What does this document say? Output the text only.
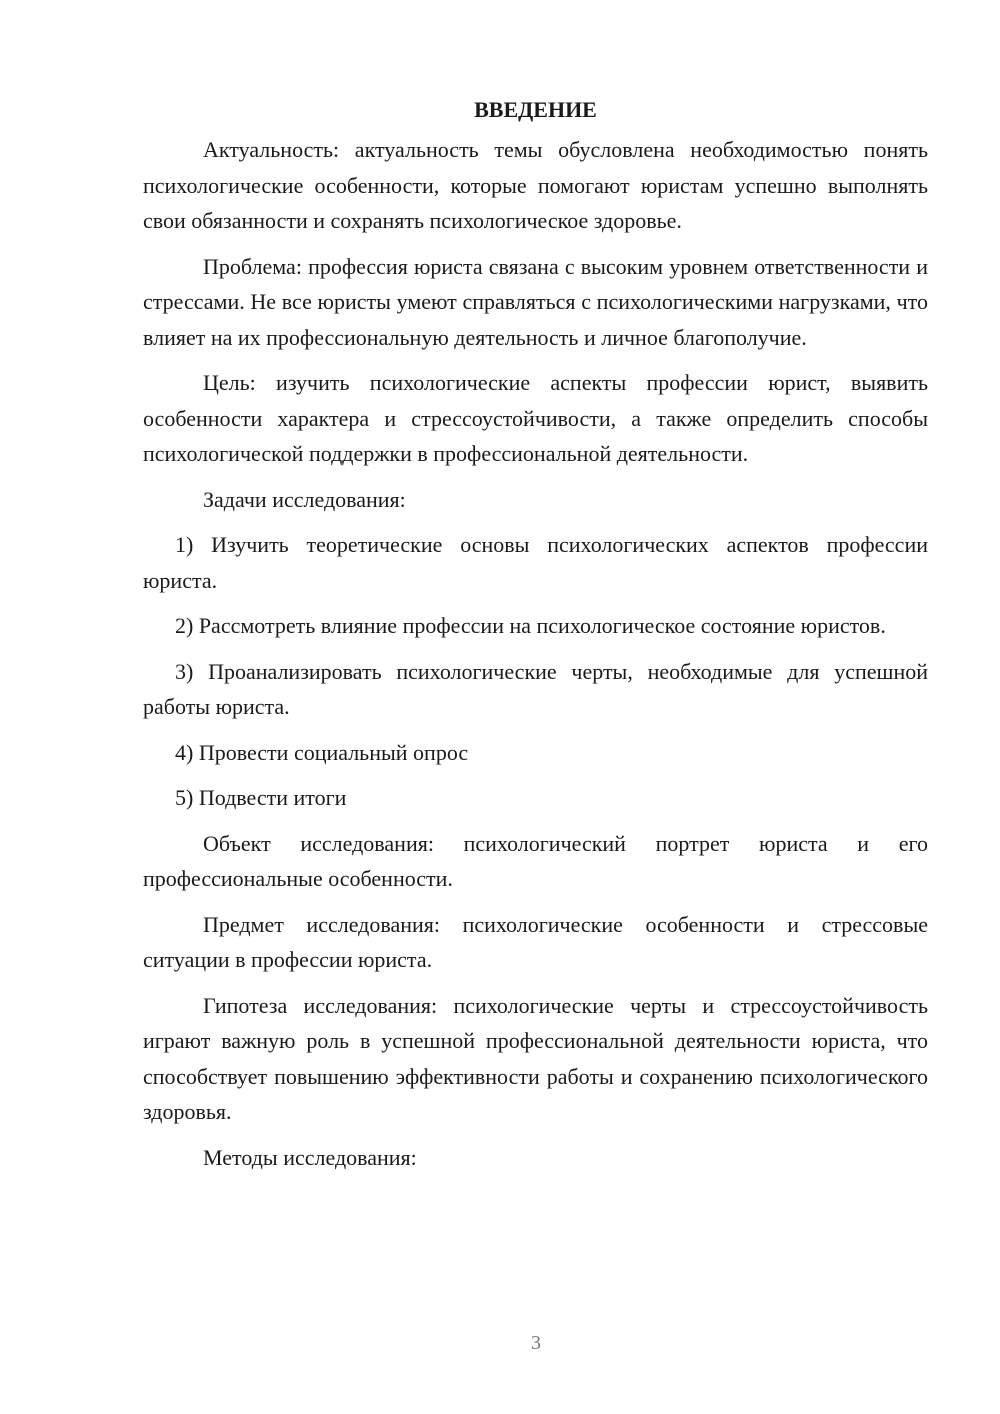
ВВЕДЕНИЕ

Актуальность: актуальность темы обусловлена необходимостью понять психологические особенности, которые помогают юристам успешно выполнять свои обязанности и сохранять психологическое здоровье.

Проблема: профессия юриста связана с высоким уровнем ответственности и стрессами. Не все юристы умеют справляться с психологическими нагрузками, что влияет на их профессиональную деятельность и личное благополучие.

Цель: изучить психологические аспекты профессии юрист, выявить особенности характера и стрессоустойчивости, а также определить способы психологической поддержки в профессиональной деятельности.

Задачи исследования:

1) Изучить теоретические основы психологических аспектов профессии юриста.

2) Рассмотреть влияние профессии на психологическое состояние юристов.

3) Проанализировать психологические черты, необходимые для успешной работы юриста.

4) Провести социальный опрос

5) Подвести итоги

Объект исследования: психологический портрет юриста и его профессиональные особенности.

Предмет исследования: психологические особенности и стрессовые ситуации в профессии юриста.

Гипотеза исследования: психологические черты и стрессоустойчивость играют важную роль в успешной профессиональной деятельности юриста, что способствует повышению эффективности работы и сохранению психологического здоровья.

Методы исследования:

3
